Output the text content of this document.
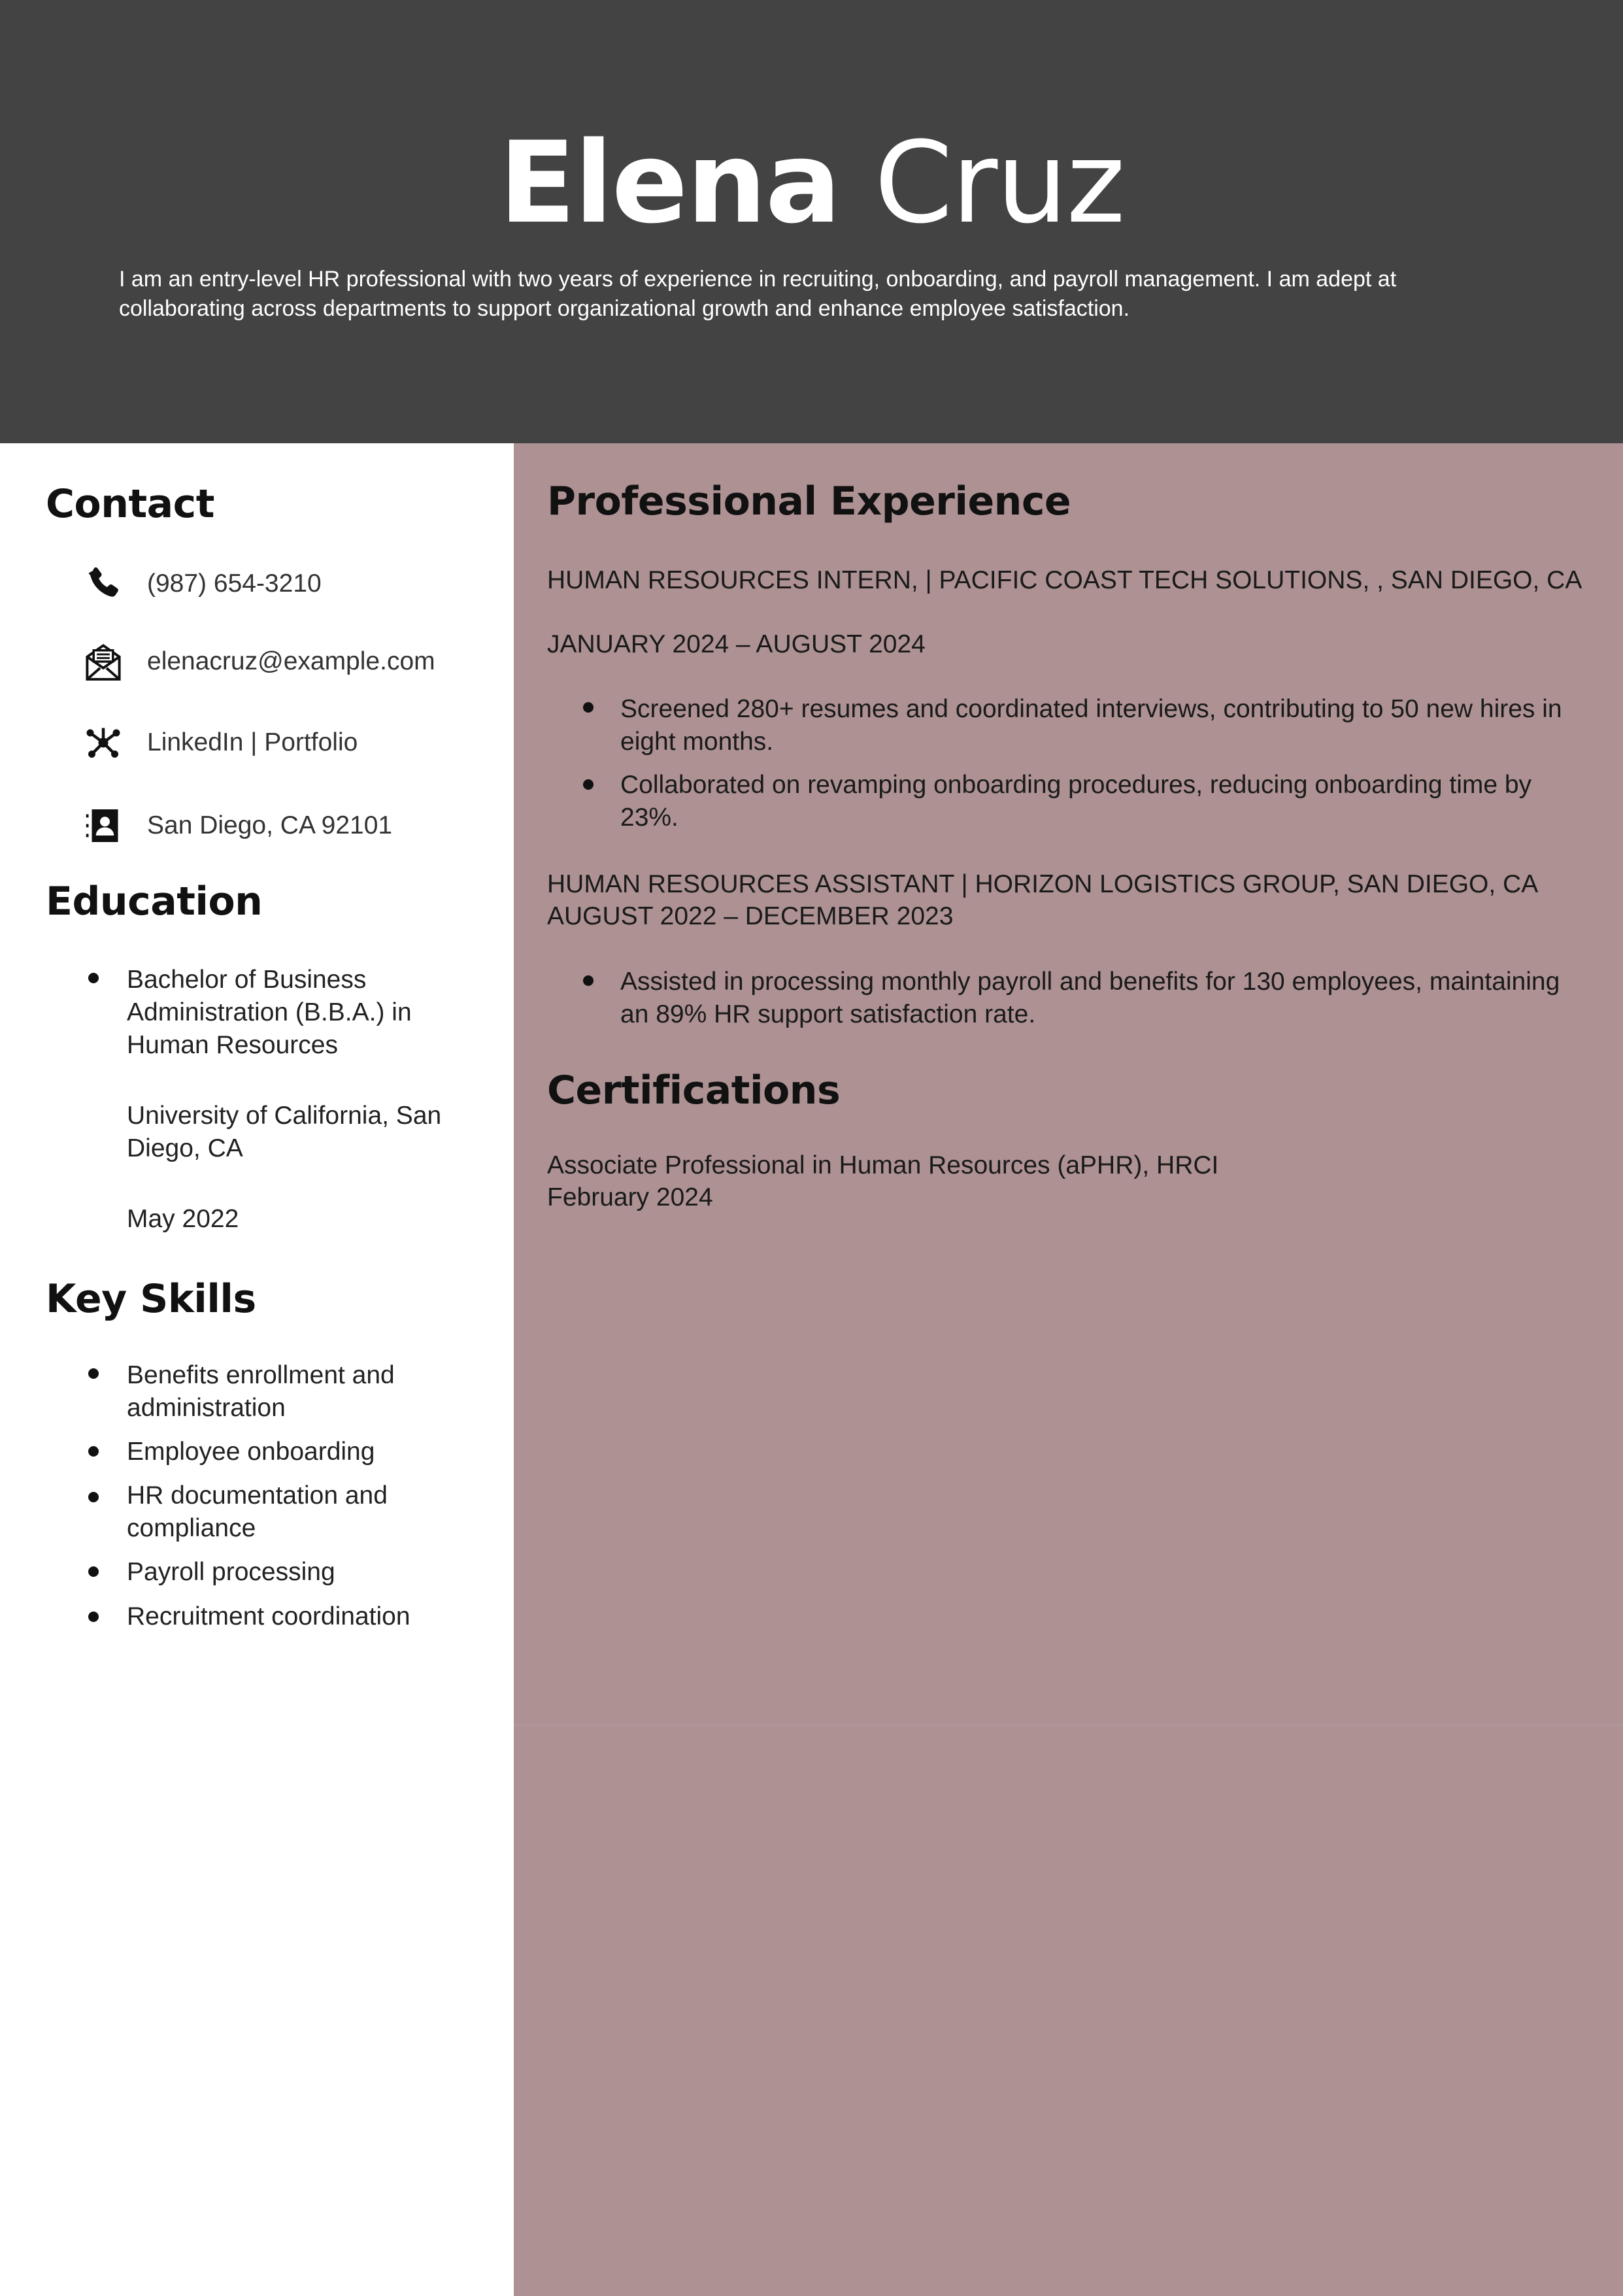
Elena Cruz
I am an entry-level HR professional with two years of experience in recruiting, onboarding, and payroll management. I am adept at collaborating across departments to support organizational growth and enhance employee satisfaction.
Contact
(987) 654-3210
elenacruz@example.com
LinkedIn | Portfolio
San Diego, CA 92101
Education
Bachelor of Business Administration (B.B.A.) in Human Resources
University of California, San Diego, CA
May 2022
Key Skills
Benefits enrollment and administration
Employee onboarding
HR documentation and compliance
Payroll processing
Recruitment coordination
Professional Experience
HUMAN RESOURCES INTERN, | PACIFIC COAST TECH SOLUTIONS, , SAN DIEGO, CA
JANUARY 2024 – AUGUST 2024
Screened 280+ resumes and coordinated interviews, contributing to 50 new hires in eight months.
Collaborated on revamping onboarding procedures, reducing onboarding time by 23%.
HUMAN RESOURCES ASSISTANT | HORIZON LOGISTICS GROUP, SAN DIEGO, CA
AUGUST 2022 – DECEMBER 2023
Assisted in processing monthly payroll and benefits for 130 employees, maintaining an 89% HR support satisfaction rate.
Certifications
Associate Professional in Human Resources (aPHR), HRCI
February 2024
